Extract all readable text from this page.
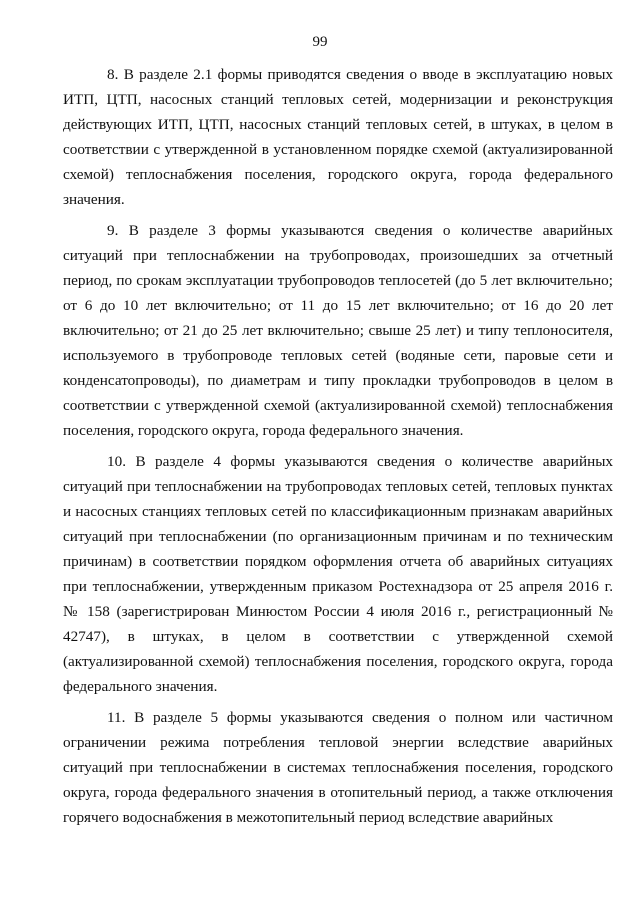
99

8. В разделе 2.1 формы приводятся сведения о вводе в эксплуатацию новых ИТП, ЦТП, насосных станций тепловых сетей, модернизации и реконструкция действующих ИТП, ЦТП, насосных станций тепловых сетей, в штуках, в целом в соответствии с утвержденной в установленном порядке схемой (актуализированной схемой) теплоснабжения поселения, городского округа, города федерального значения.

9. В разделе 3 формы указываются сведения о количестве аварийных ситуаций при теплоснабжении на трубопроводах, произошедших за отчетный период, по срокам эксплуатации трубопроводов теплосетей (до 5 лет включительно; от 6 до 10 лет включительно; от 11 до 15 лет включительно; от 16 до 20 лет включительно; от 21 до 25 лет включительно; свыше 25 лет) и типу теплоносителя, используемого в трубопроводе тепловых сетей (водяные сети, паровые сети и конденсатопроводы), по диаметрам и типу прокладки трубопроводов в целом в соответствии с утвержденной схемой (актуализированной схемой) теплоснабжения поселения, городского округа, города федерального значения.

10. В разделе 4 формы указываются сведения о количестве аварийных ситуаций при теплоснабжении на трубопроводах тепловых сетей, тепловых пунктах и насосных станциях тепловых сетей по классификационным признакам аварийных ситуаций при теплоснабжении (по организационным причинам и по техническим причинам) в соответствии порядком оформления отчета об аварийных ситуациях при теплоснабжении, утвержденным приказом Ростехнадзора от 25 апреля 2016 г. № 158 (зарегистрирован Минюстом России 4 июля 2016 г., регистрационный № 42747), в штуках, в целом в соответствии с утвержденной схемой (актуализированной схемой) теплоснабжения поселения, городского округа, города федерального значения.

11. В разделе 5 формы указываются сведения о полном или частичном ограничении режима потребления тепловой энергии вследствие аварийных ситуаций при теплоснабжении в системах теплоснабжения поселения, городского округа, города федерального значения в отопительный период, а также отключения горячего водоснабжения в межотопительный период вследствие аварийных
